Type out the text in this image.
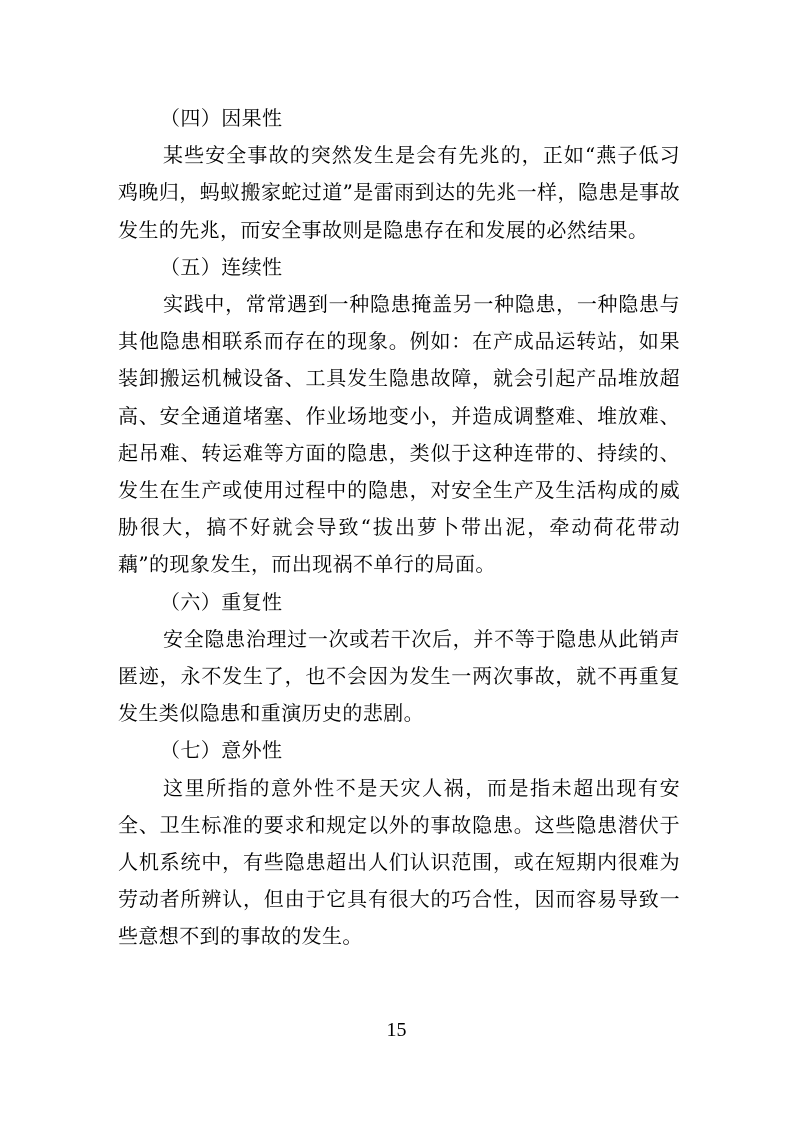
（四）因果性

某些安全事故的突然发生是会有先兆的，正如“燕子低习鸡晚归，蚂蚁搬家蛇过道”是雷雨到达的先兆一样，隐患是事故发生的先兆，而安全事故则是隐患存在和发展的必然结果。

（五）连续性

实践中，常常遇到一种隐患掩盖另一种隐患，一种隐患与其他隐患相联系而存在的现象。例如：在产成品运转站，如果装卸搬运机械设备、工具发生隐患故障，就会引起产品堆放超高、安全通道堵塞、作业场地变小，并造成调整难、堆放难、起吊难、转运难等方面的隐患，类似于这种连带的、持续的、发生在生产或使用过程中的隐患，对安全生产及生活构成的威胁很大，搞不好就会导致“拔出萝卜带出泥，牵动荷花带动藕”的现象发生，而出现祸不单行的局面。

（六）重复性

安全隐患治理过一次或若干次后，并不等于隐患从此销声匿迹，永不发生了，也不会因为发生一两次事故，就不再重复发生类似隐患和重演历史的悲剧。

（七）意外性

这里所指的意外性不是天灾人祸，而是指未超出现有安全、卫生标准的要求和规定以外的事故隐患。这些隐患潜伏于人机系统中，有些隐患超出人们认识范围，或在短期内很难为劳动者所辨认，但由于它具有很大的巧合性，因而容易导致一些意想不到的事故的发生。

15
